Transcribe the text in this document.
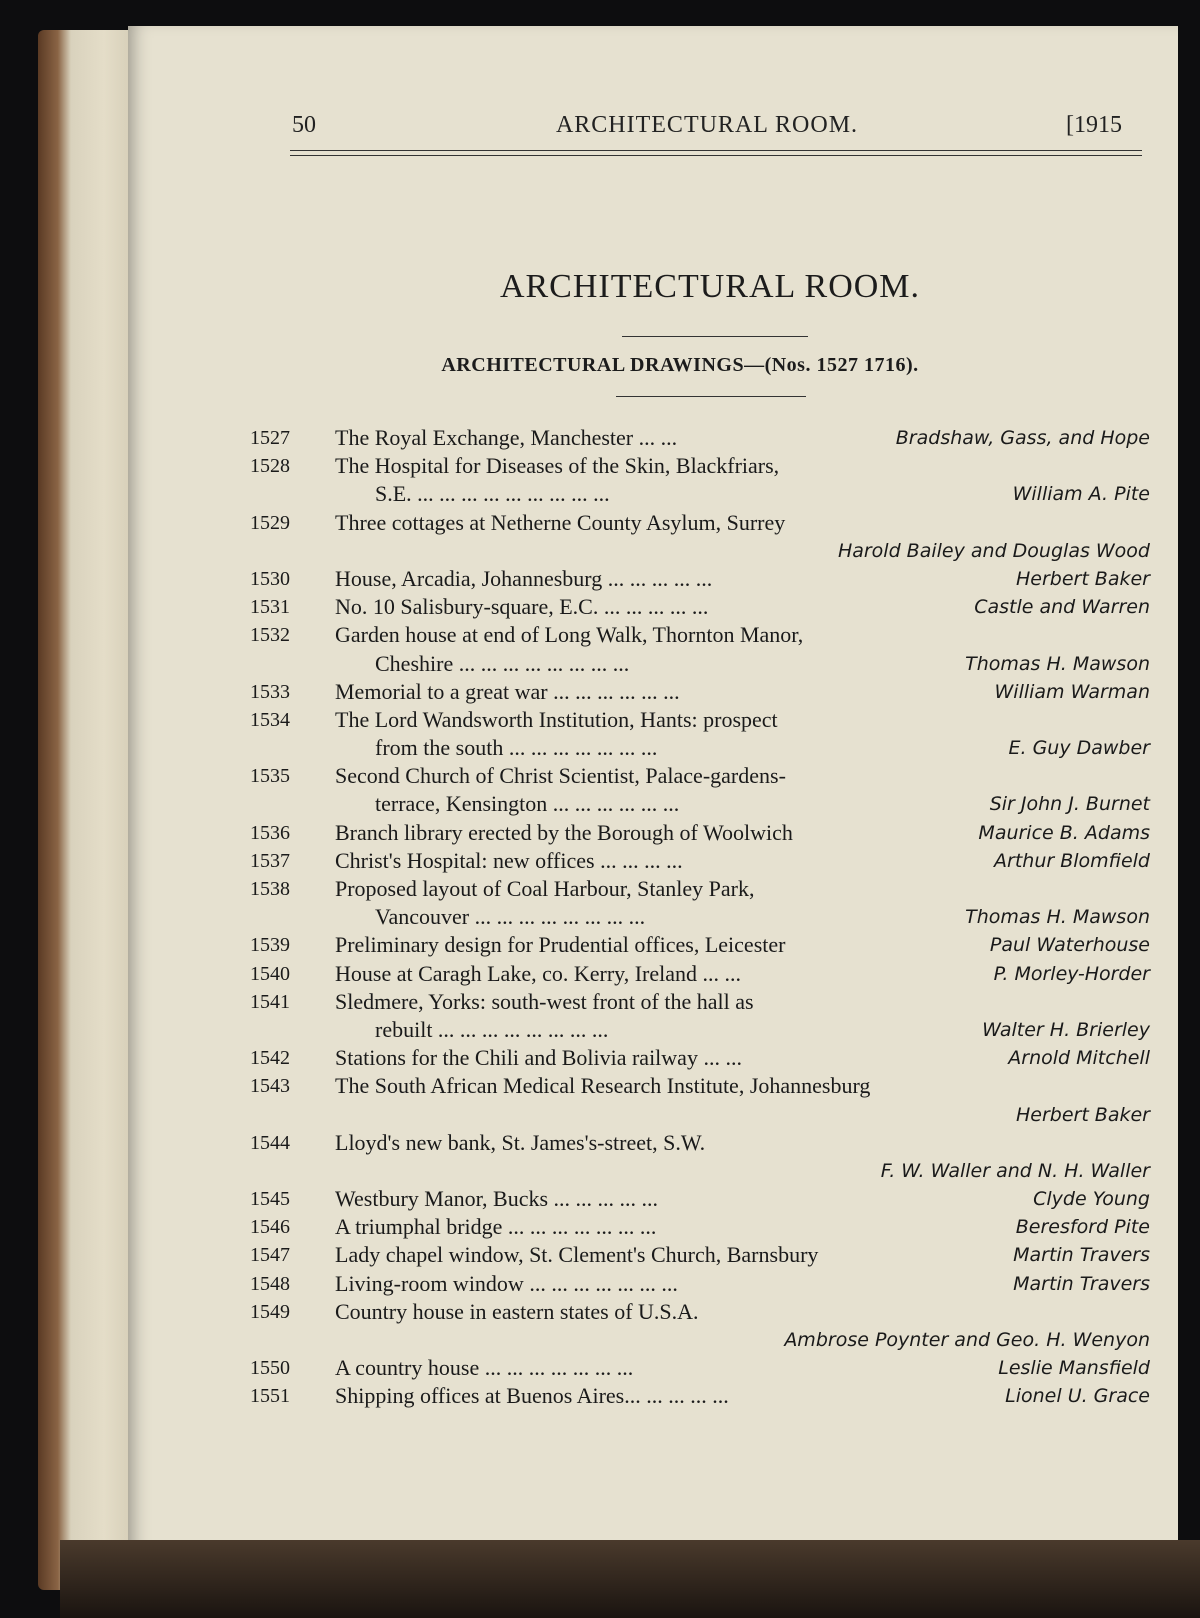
50	ARCHITECTURAL ROOM.	[1915
ARCHITECTURAL ROOM.
ARCHITECTURAL DRAWINGS—(Nos. 1527 1716).
1527	The Royal Exchange, Manchester ... ...	Bradshaw, Gass, and Hope
1528	The Hospital for Diseases of the Skin, Blackfriars,
S.E. ... ... ... ... ... ... ... ... ...	William A. Pite
1529	Three cottages at Netherne County Asylum, Surrey
Harold Bailey and Douglas Wood
1530	House, Arcadia, Johannesburg ... ... ... ... ...	Herbert Baker
1531	No. 10 Salisbury-square, E.C. ... ... ... ... ...	Castle and Warren
1532	Garden house at end of Long Walk, Thornton Manor,
Cheshire ... ... ... ... ... ... ... ...	Thomas H. Mawson
1533	Memorial to a great war ... ... ... ... ... ...	William Warman
1534	The Lord Wandsworth Institution, Hants: prospect
from the south ... ... ... ... ... ... ...	E. Guy Dawber
1535	Second Church of Christ Scientist, Palace-gardens-
terrace, Kensington ... ... ... ... ... ...	Sir John J. Burnet
1536	Branch library erected by the Borough of Woolwich	Maurice B. Adams
1537	Christ's Hospital: new offices ... ... ... ...	Arthur Blomfield
1538	Proposed layout of Coal Harbour, Stanley Park,
Vancouver ... ... ... ... ... ... ... ...	Thomas H. Mawson
1539	Preliminary design for Prudential offices, Leicester	Paul Waterhouse
1540	House at Caragh Lake, co. Kerry, Ireland ... ...	P. Morley-Horder
1541	Sledmere, Yorks: south-west front of the hall as
rebuilt ... ... ... ... ... ... ... ...	Walter H. Brierley
1542	Stations for the Chili and Bolivia railway ... ...	Arnold Mitchell
1543	The South African Medical Research Institute, Johannesburg
Herbert Baker
1544	Lloyd's new bank, St. James's-street, S.W.
F. W. Waller and N. H. Waller
1545	Westbury Manor, Bucks ... ... ... ... ...	Clyde Young
1546	A triumphal bridge ... ... ... ... ... ... ...	Beresford Pite
1547	Lady chapel window, St. Clement's Church, Barnsbury	Martin Travers
1548	Living-room window ... ... ... ... ... ... ...	Martin Travers
1549	Country house in eastern states of U.S.A.
Ambrose Poynter and Geo. H. Wenyon
1550	A country house ... ... ... ... ... ... ...	Leslie Mansfield
1551	Shipping offices at Buenos Aires... ... ... ... ...	Lionel U. Grace
